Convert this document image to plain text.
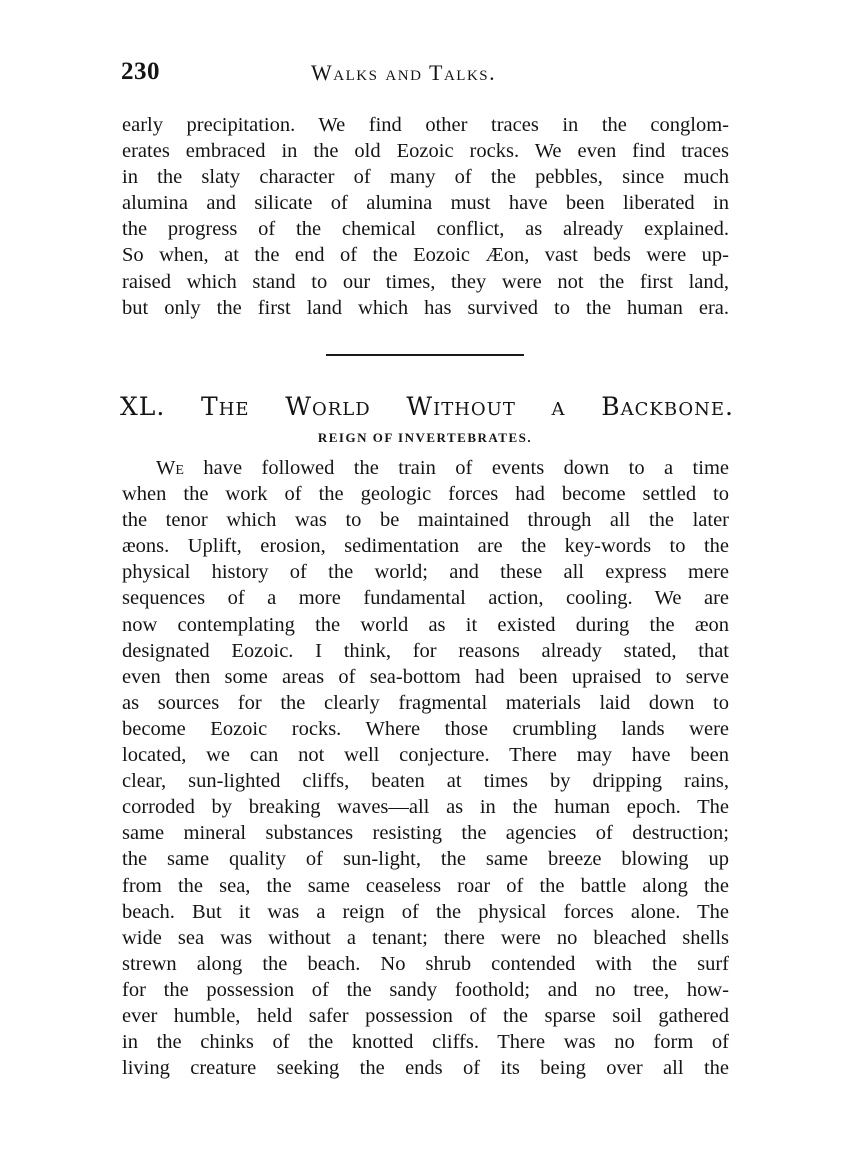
230	Walks and Talks.
early precipitation. We find other traces in the conglom-
erates embraced in the old Eozoic rocks. We even find traces
in the slaty character of many of the pebbles, since much
alumina and silicate of alumina must have been liberated in
the progress of the chemical conflict, as already explained.
So when, at the end of the Eozoic Æon, vast beds were up-
raised which stand to our times, they were not the first land,
but only the first land which has survived to the human era.
XL. The World Without a Backbone.
REIGN OF INVERTEBRATES.
We have followed the train of events down to a time
when the work of the geologic forces had become settled to
the tenor which was to be maintained through all the later
æons. Uplift, erosion, sedimentation are the key-words to the
physical history of the world; and these all express mere
sequences of a more fundamental action, cooling. We are
now contemplating the world as it existed during the æon
designated Eozoic. I think, for reasons already stated, that
even then some areas of sea-bottom had been upraised to serve
as sources for the clearly fragmental materials laid down to
become Eozoic rocks. Where those crumbling lands were
located, we can not well conjecture. There may have been
clear, sun-lighted cliffs, beaten at times by dripping rains,
corroded by breaking waves—all as in the human epoch. The
same mineral substances resisting the agencies of destruction;
the same quality of sun-light, the same breeze blowing up
from the sea, the same ceaseless roar of the battle along the
beach. But it was a reign of the physical forces alone. The
wide sea was without a tenant; there were no bleached shells
strewn along the beach. No shrub contended with the surf
for the possession of the sandy foothold; and no tree, how-
ever humble, held safer possession of the sparse soil gathered
in the chinks of the knotted cliffs. There was no form of
living creature seeking the ends of its being over all the
